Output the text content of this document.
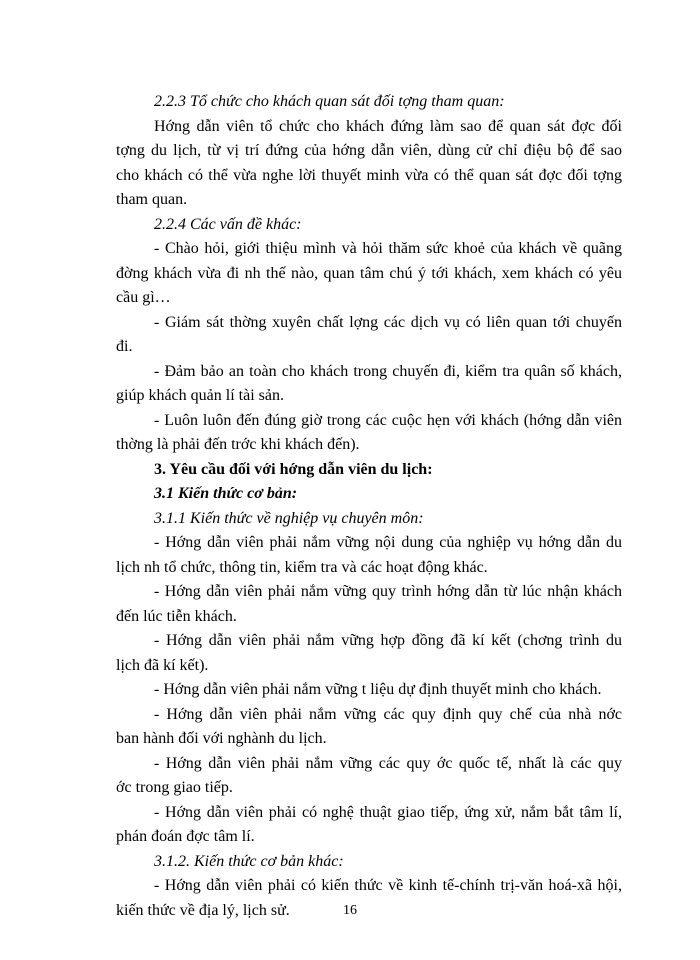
2.2.3 Tổ chức cho khách quan sát đối tợng tham quan:

Hớng dẫn viên tổ chức cho khách đứng làm sao để quan sát đợc đối

tợng du lịch, từ vị trí đứng của hớng dẫn viên, dùng cử chỉ điệu bộ để sao

cho khách có thể vừa nghe lời thuyết minh vừa có thể quan sát đợc đối tợng

tham quan.

2.2.4 Các vấn đề khác:

- Chào hỏi, giới thiệu mình và hỏi thăm sức khoẻ của khách về quãng

đờng khách vừa đi nh thế nào, quan tâm chú ý tới khách, xem khách có yêu

cầu gì…

- Giám sát thờng xuyên chất lợng các dịch vụ có liên quan tới chuyến

đi.

- Đảm bảo an toàn cho khách trong chuyến đi, kiểm tra quân số khách,

giúp khách quản lí tài sản.

- Luôn luôn đến đúng giờ trong các cuộc hẹn với khách (hớng dẫn viên

thờng là phải đến trớc khi khách đến).

3. Yêu cầu đối với hớng dẫn viên du lịch:

3.1 Kiến thức cơ bản:

3.1.1 Kiến thức về nghiệp vụ chuyên môn:

- Hớng dẫn viên phải nắm vững nội dung của nghiệp vụ hớng dẫn du

lịch nh tổ chức, thông tin, kiểm tra và các hoạt động khác.

- Hớng dẫn viên phải nắm vững quy trình hớng dẫn từ lúc nhận khách

đến lúc tiễn khách.

- Hớng dẫn viên phải nắm vững hợp đồng đã kí kết (chơng trình du

lịch đã kí kết).

- Hớng dẫn viên phải nắm vững t liệu dự định thuyết minh cho khách.

- Hớng dẫn viên phải nắm vững các quy định quy chế của nhà nớc

ban hành đối với nghành du lịch.

- Hớng dẫn viên phải nắm vững các quy ớc quốc tế, nhất là các quy

ớc trong giao tiếp.

- Hớng dẫn viên phải có nghệ thuật giao tiếp, ứng xử, nắm bắt tâm lí,

phán đoán đợc tâm lí.

3.1.2. Kiến thức cơ bản khác:

- Hớng dẫn viên phải có kiến thức về kinh tế-chính trị-văn hoá-xã hội,

kiến thức về địa lý, lịch sử.	16
